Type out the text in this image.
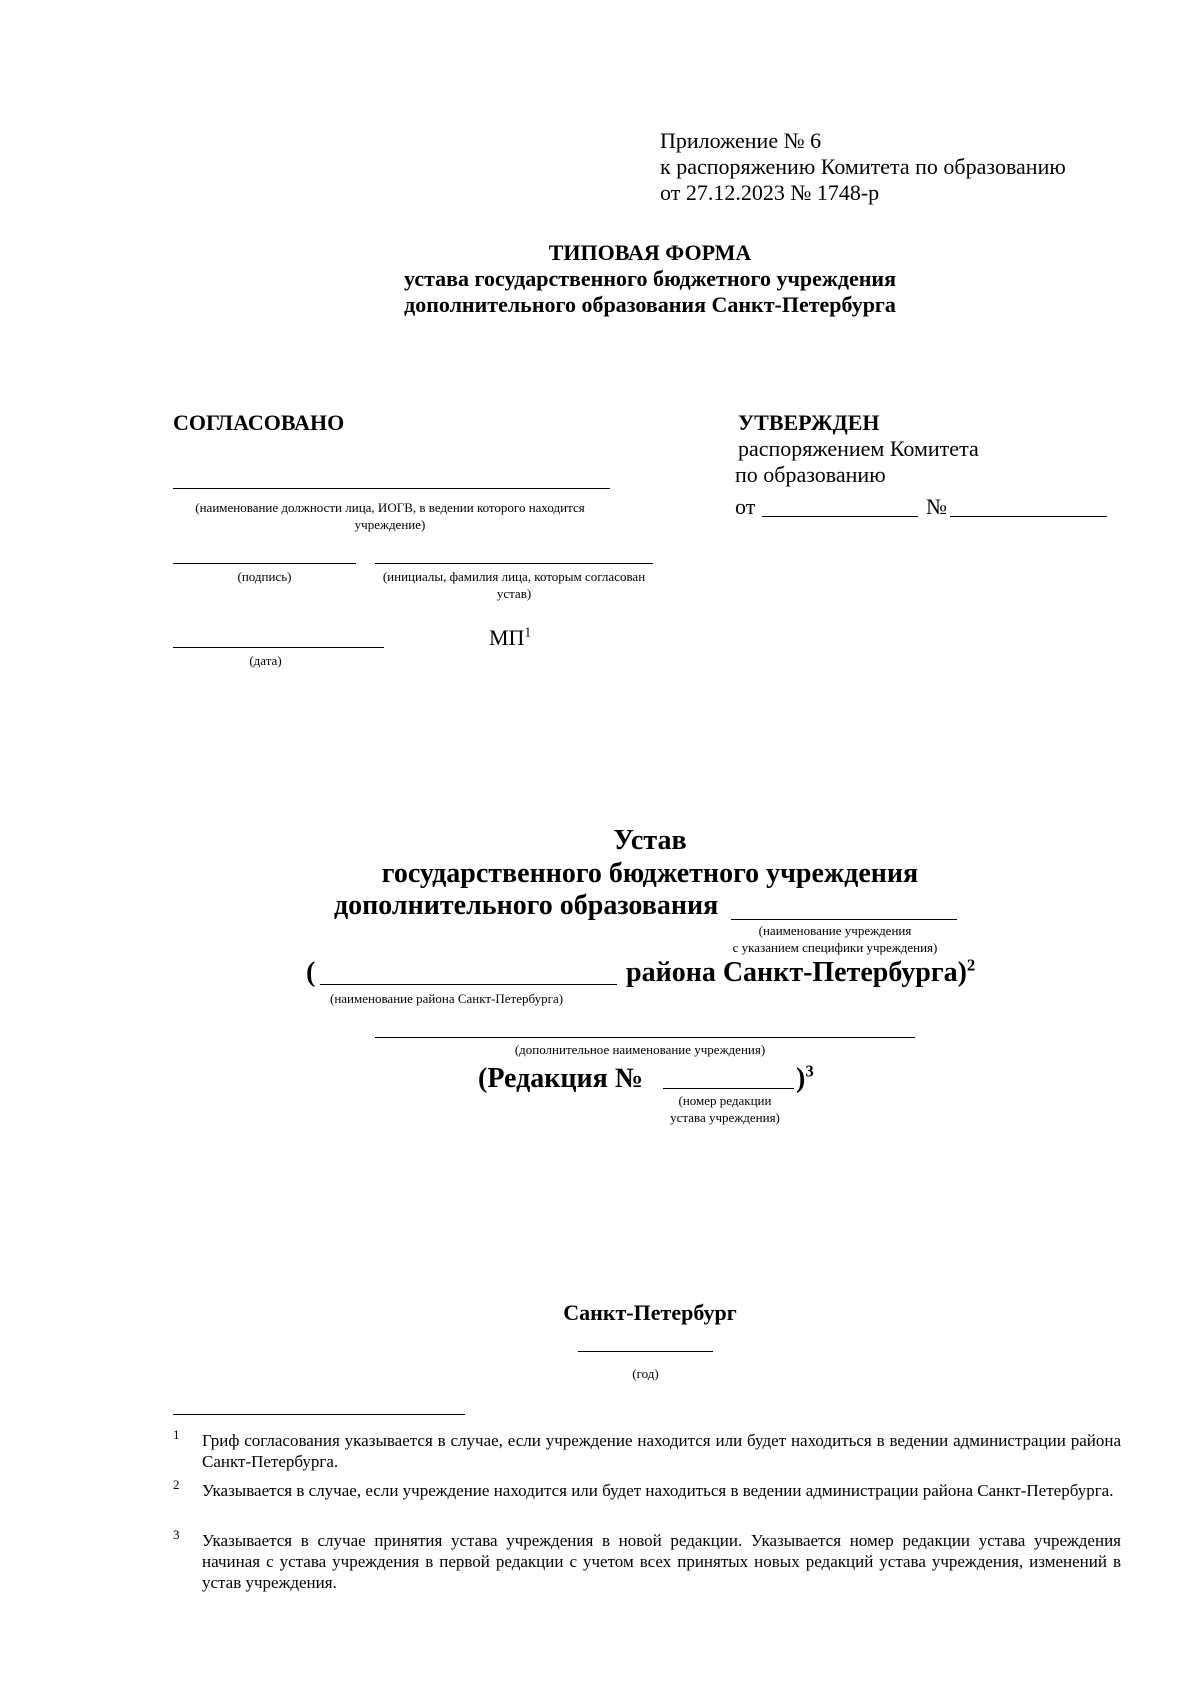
Приложение № 6
к распоряжению Комитета по образованию
от 27.12.2023 № 1748-р
ТИПОВАЯ ФОРМА
устава государственного бюджетного учреждения
дополнительного образования Санкт-Петербурга
СОГЛАСОВАНО
(наименование должности лица, ИОГВ, в ведении которого находится учреждение)
(подпись)	(инициалы, фамилия лица, которым согласован устав)
(дата)
$МП^1$
УТВЕРЖДЕН
распоряжением Комитета
по образованию
от	№
Устав
государственного бюджетного учреждения
дополнительного образования
(наименование учреждения
с указанием специфики учреждения)
(	района Санкт-Петербурга)$^2$
(наименование района Санкт-Петербурга)
(дополнительное наименование учреждения)
(Редакция №	)$^3$
(номер редакции
устава учреждения)
Санкт-Петербург
(год)
1 Гриф согласования указывается в случае, если учреждение находится или будет находиться в ведении администрации района Санкт-Петербурга.
2 Указывается в случае, если учреждение находится или будет находиться в ведении администрации района Санкт-Петербурга.
3 Указывается в случае принятия устава учреждения в новой редакции. Указывается номер редакции устава учреждения начиная с устава учреждения в первой редакции с учетом всех принятых новых редакций устава учреждения, изменений в устав учреждения.
